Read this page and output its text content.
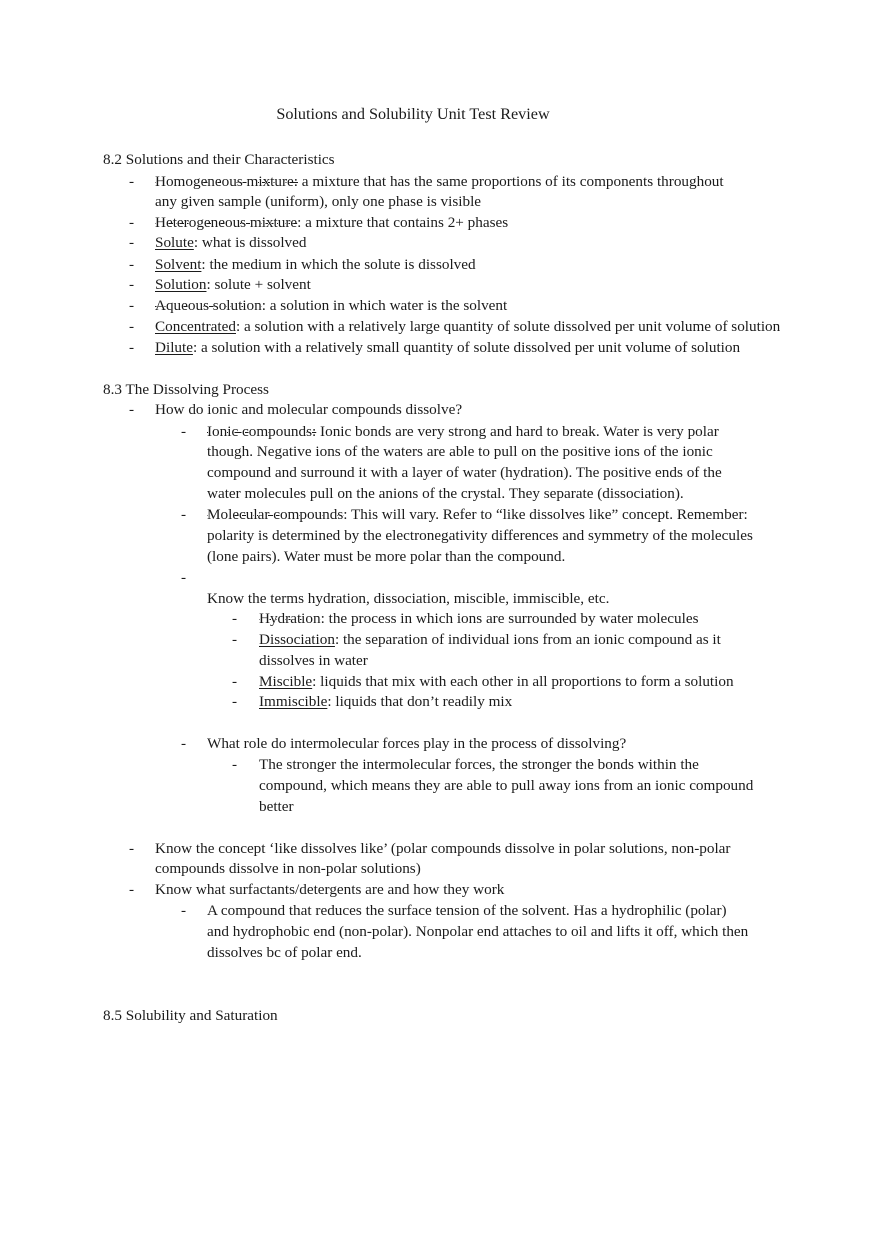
Solutions and Solubility Unit Test Review
8.2 Solutions and their Characteristics
- Homogeneous mixture: a mixture that has the same proportions of its components throughout
any given sample (uniform), only one phase is visible
- Heterogeneous mixture: a mixture that contains 2+ phases
- Solute: what is dissolved
- Solvent: the medium in which the solute is dissolved
- Solution: solute + solvent
- Aqueous solution: a solution in which water is the solvent
- Concentrated: a solution with a relatively large quantity of solute dissolved per unit volume of solution
- Dilute: a solution with a relatively small quantity of solute dissolved per unit volume of solution
8.3 The Dissolving Process
- How do ionic and molecular compounds dissolve?
- Ionic compounds: Ionic bonds are very strong and hard to break. Water is very polar
though. Negative ions of the waters are able to pull on the positive ions of the ionic
compound and surround it with a layer of water (hydration). The positive ends of the
water molecules pull on the anions of the crystal. They separate (dissociation).
- Molecular compounds: This will vary. Refer to “like dissolves like” concept. Remember:
polarity is determined by the electronegativity differences and symmetry of the molecules
(lone pairs). Water must be more polar than the compound.
-
Know the terms hydration, dissociation, miscible, immiscible, etc.
- Hydration: the process in which ions are surrounded by water molecules
- Dissociation: the separation of individual ions from an ionic compound as it
dissolves in water
- Miscible: liquids that mix with each other in all proportions to form a solution
- Immiscible: liquids that don’t readily mix
- What role do intermolecular forces play in the process of dissolving?
- The stronger the intermolecular forces, the stronger the bonds within the
compound, which means they are able to pull away ions from an ionic compound
better
- Know the concept ‘like dissolves like’ (polar compounds dissolve in polar solutions, non-polar
compounds dissolve in non-polar solutions)
- Know what surfactants/detergents are and how they work
- A compound that reduces the surface tension of the solvent. Has a hydrophilic (polar)
and hydrophobic end (non-polar). Nonpolar end attaches to oil and lifts it off, which then
dissolves bc of polar end.
8.5 Solubility and Saturation
